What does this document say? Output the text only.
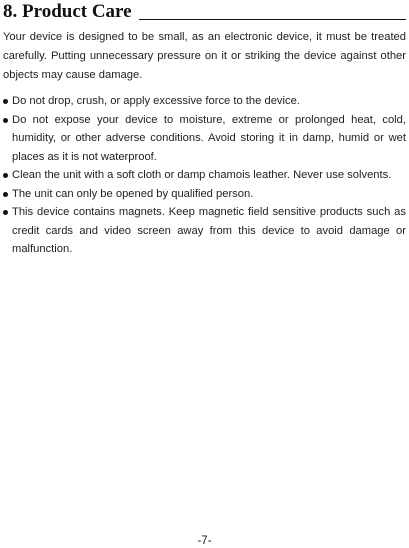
8. Product Care

Your device is designed to be small, as an electronic device, it must be treated carefully. Putting unnecessary pressure on it or striking the device against other objects may cause damage.

Do not drop, crush, or apply excessive force to the device.
Do not expose your device to moisture, extreme or prolonged heat, cold, humidity, or other adverse conditions. Avoid storing it in damp, humid or wet places as it is not waterproof.
Clean the unit with a soft cloth or damp chamois leather. Never use solvents.
The unit can only be opened by qualified person.
This device contains magnets. Keep magnetic field sensitive products such as credit cards and video screen away from this device to avoid damage or malfunction.
-7-
